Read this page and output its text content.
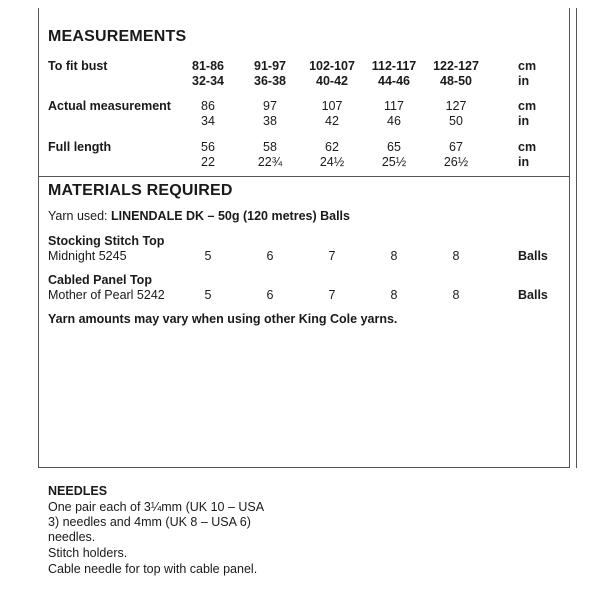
MEASUREMENTS
To fit bust	81-86	91-97	102-107	112-117	122-127	cm
32-34	36-38	40-42	44-46	48-50	in
Actual measurement	86	97	107	117	127	cm
34	38	42	46	50	in
Full length	56	58	62	65	67	cm
22	22¾	24½	25½	26½	in
MATERIALS REQUIRED
Yarn used: LINENDALE DK – 50g (120 metres) Balls
Stocking Stitch Top
Midnight 5245	5	6	7	8	8	Balls
Cabled Panel Top
Mother of Pearl 5242	5	6	7	8	8	Balls
Yarn amounts may vary when using other King Cole yarns.
NEEDLES
One pair each of 3¼mm (UK 10 – USA
3) needles and 4mm (UK 8 – USA 6)
needles.
Stitch holders.
Cable needle for top with cable panel.
